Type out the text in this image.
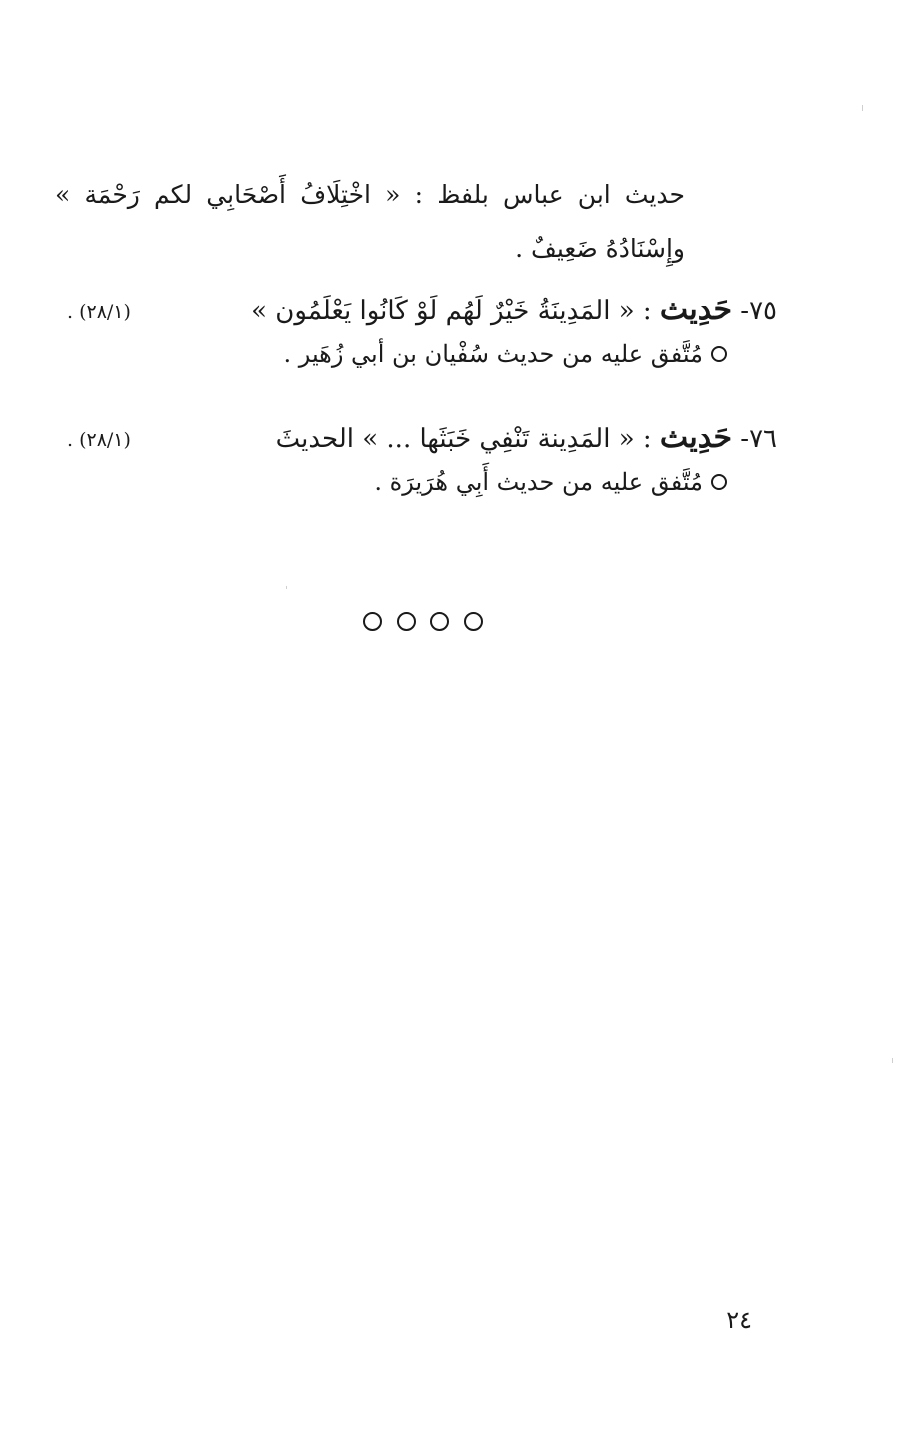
حديث ابن عباس بلفظ : « اخْتِلَافُ أَصْحَابِي لكم رَحْمَة » وإِسْنَادُهُ ضَعِيفٌ .
٧٥- حَدِيث : « المَدِينَةُ خَيْرٌ لَهُم لَوْ كَانُوا يَعْلَمُون »
(٢٨/١) .
مُتَّفق عليه من حديث سُفْيان بن أبي زُهَير .
٧٦- حَدِيث : « المَدِينة تَنْفِي خَبَثَها ... » الحديثَ
(٢٨/١) .
مُتَّفق عليه من حديث أَبِي هُرَيرَة .
٢٤
